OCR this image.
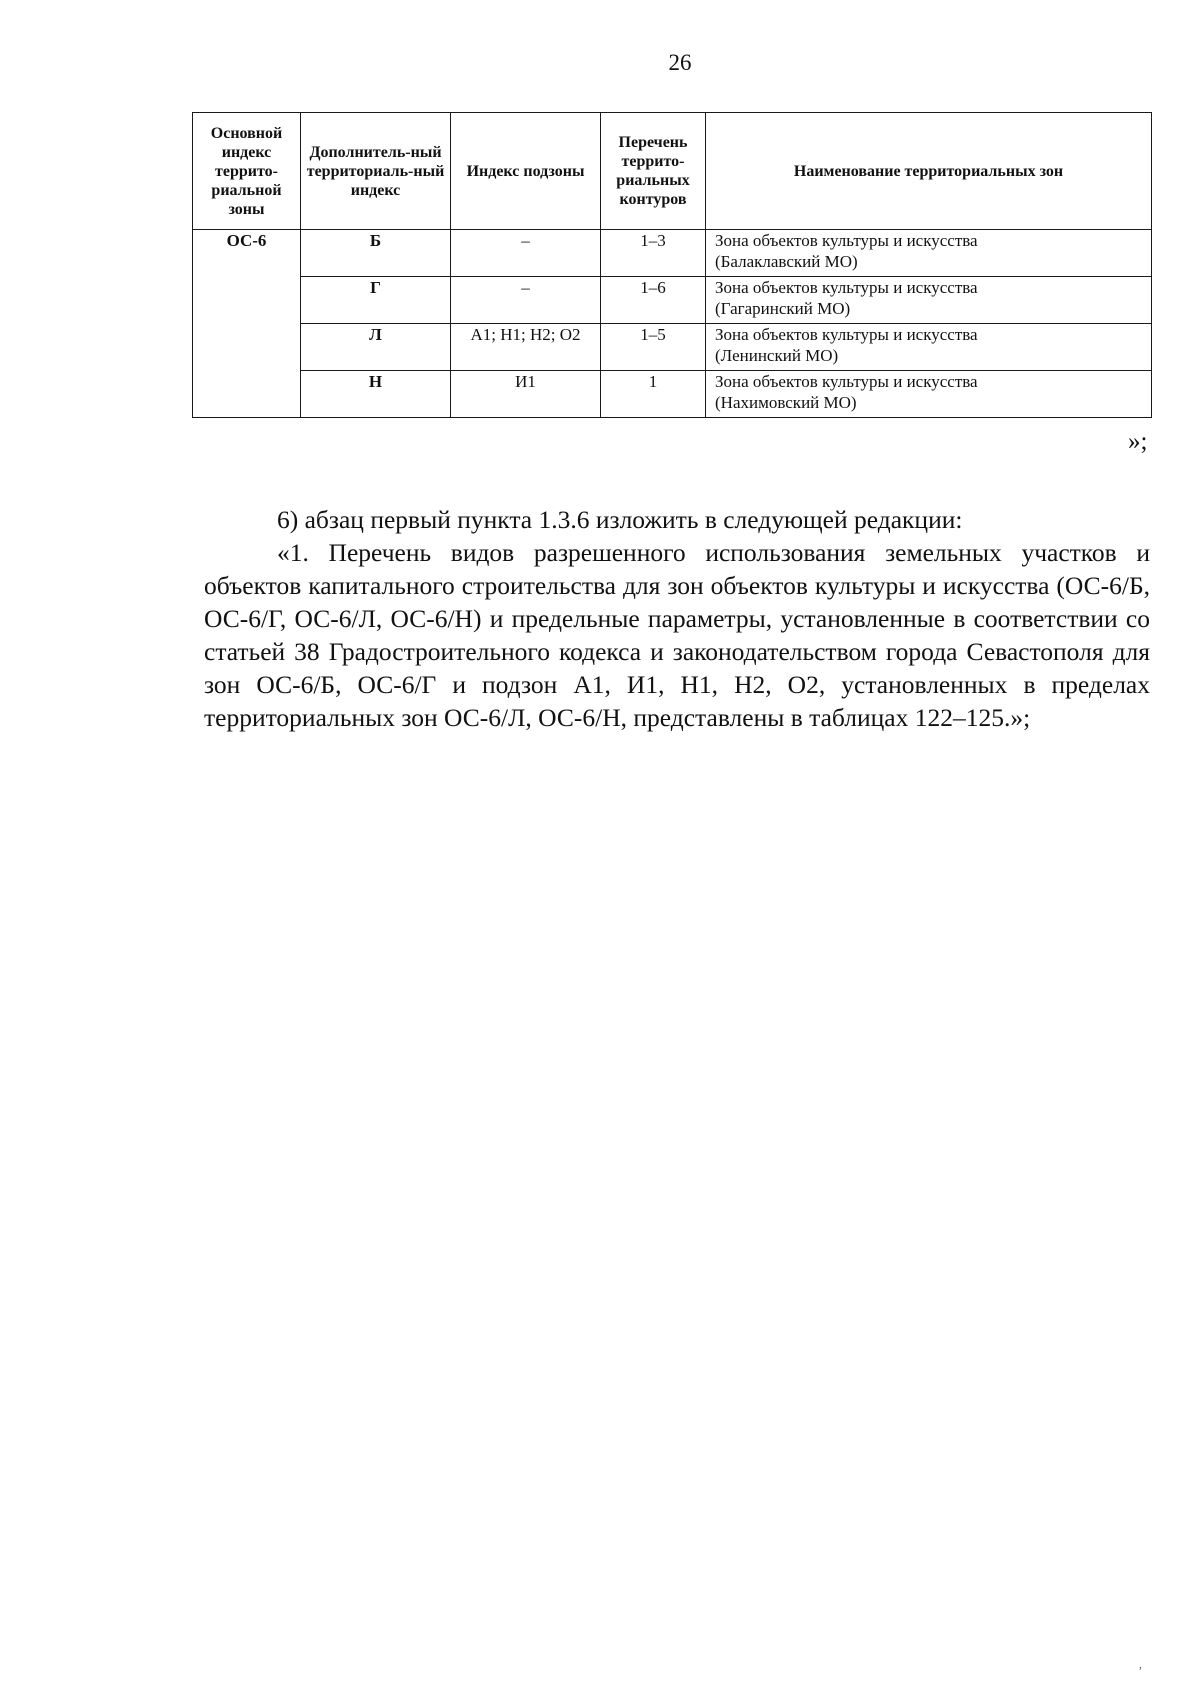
26
Основной индекс террито-риальной зоны	Дополнитель-ный территориаль-ный индекс	Индекс подзоны	Перечень террито-риальных контуров	Наименование территориальных зон
ОС-6	Б	–	1–3	Зона объектов культуры и искусства
(Балаклавский МО)
	Г	–	1–6	Зона объектов культуры и искусства
(Гагаринский МО)
	Л	А1; Н1; Н2; О2	1–5	Зона объектов культуры и искусства
(Ленинский МО)
	Н	И1	1	Зона объектов культуры и искусства
(Нахимовский МО)
»;

6) абзац первый пункта 1.3.6 изложить в следующей редакции:

«1. Перечень видов разрешенного использования земельных участков и объектов капитального строительства для зон объектов культуры и искусства (ОС-6/Б, ОС-6/Г, ОС-6/Л, ОС-6/Н) и предельные параметры, установленные в соответствии со статьей 38 Градостроительного кодекса и законодательством города Севастополя для зон ОС-6/Б, ОС-6/Г и подзон А1, И1, Н1, Н2, О2, установленных в пределах территориальных зон ОС-6/Л, ОС-6/Н, представлены в таблицах 122–125.»;

,
